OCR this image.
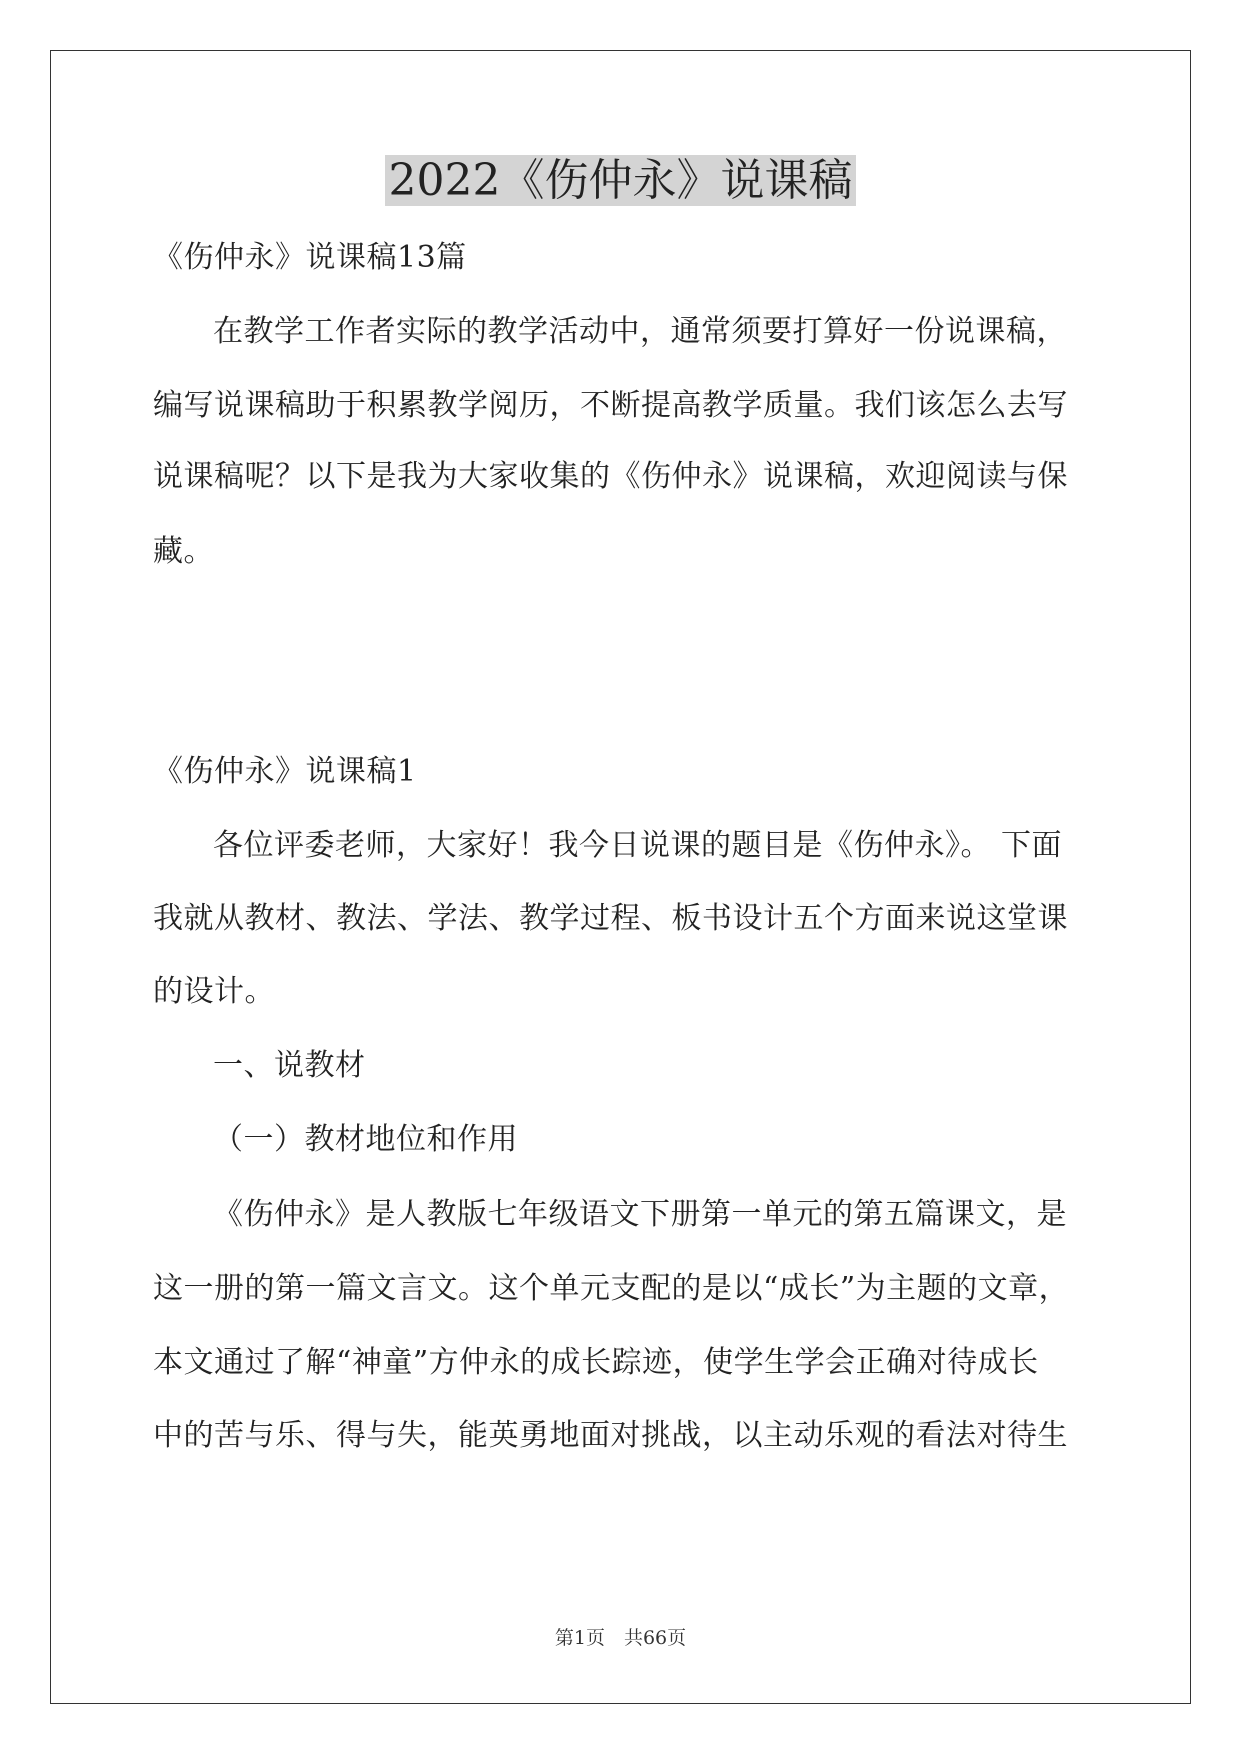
2022《伤仲永》说课稿
《伤仲永》说课稿13篇
在教学工作者实际的教学活动中，通常须要打算好一份说课稿，
编写说课稿助于积累教学阅历，不断提高教学质量。我们该怎么去写
说课稿呢？以下是我为大家收集的《伤仲永》说课稿，欢迎阅读与保
藏。
《伤仲永》说课稿1
各位评委老师，大家好！我今日说课的题目是《伤仲永》。 下面
我就从教材、教法、学法、教学过程、板书设计五个方面来说这堂课
的设计。
一、说教材
（一）教材地位和作用
《伤仲永》是人教版七年级语文下册第一单元的第五篇课文，是
这一册的第一篇文言文。这个单元支配的是以“成长”为主题的文章，
本文通过了解“神童”方仲永的成长踪迹，使学生学会正确对待成长
中的苦与乐、得与失，能英勇地面对挑战，以主动乐观的看法对待生
第1页　共66页
